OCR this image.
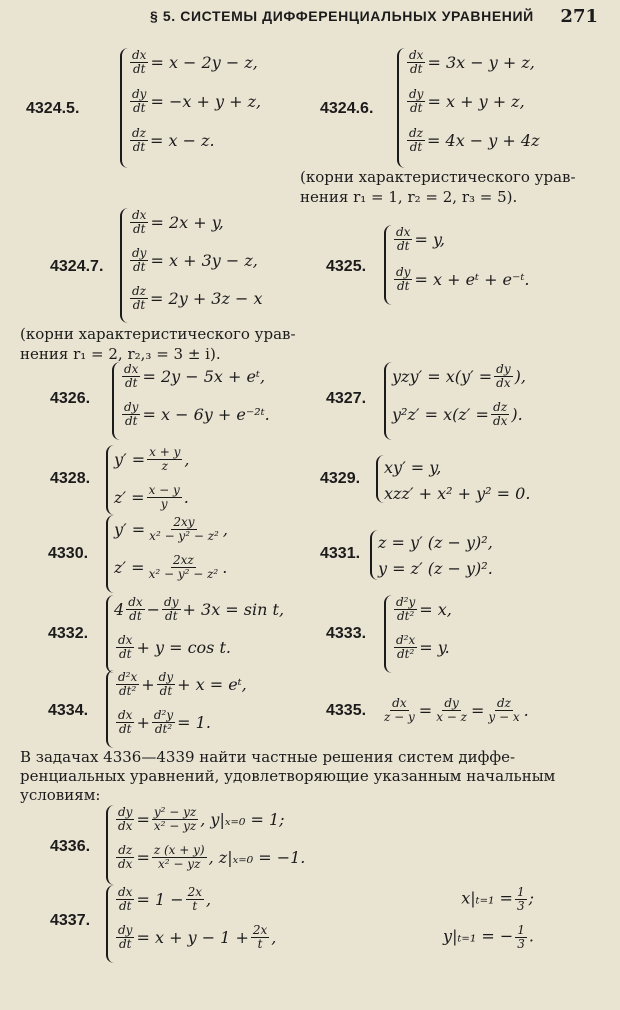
§ 5. СИСТЕМЫ ДИФФЕРЕНЦИАЛЬНЫХ УРАВНЕНИЙ 271
4324.5.
$\frac{dx}{dt} = x - 2y - z$,
$\frac{dy}{dt} = -x + y + z$,
$\frac{dz}{dt} = x - z$.
4324.6.
$\frac{dx}{dt} = 3x - y + z$,
$\frac{dy}{dt} = x + y + z$,
$\frac{dz}{dt} = 4x - y + 4z$
(корни характеристического урав-
нения r₁ = 1, r₂ = 2, r₃ = 5).
4324.7.
$\frac{dx}{dt} = 2x + y$,
$\frac{dy}{dt} = x + 3y - z$,
$\frac{dz}{dt} = 2y + 3z - x$
(корни характеристического урав-
нения r₁ = 2, r₂,₃ = 3 ± i).
4325.
$\frac{dx}{dt} = y$,
$\frac{dy}{dt} = x$ + eᵗ + e⁻ᵗ.
4326.
$\frac{dx}{dt} = 2y - 5x$ + eᵗ,
$\frac{dy}{dt} = x - 6y$ + e⁻²ᵗ.
4327.
yzy′ = x ( $y' = \frac{dy}{dx}$ ),
y²z′ = x ( $z' = \frac{dz}{dx}$ ).
4328.
$y' = \frac{x + y}{z}$ ,
$z' = \frac{x - y}{y}$ .
4329.
xy′ = y,
xzz′ + x² + y² = 0.
4330.
$y' = \frac{2xy}{\text{x² − y² − z²}}$ ,
$z' = \frac{2xz}{\text{x² − y² − z²}}$ .
4331.
z = y′ (z − y)²,
y = z′ (z − y)².
4332.
$4 \frac{dx}{dt} - \frac{dy}{dt} + 3x = \sin t$,
$\frac{dx}{dt} + y = \cos t$.
4333.
$\frac{\text{d²y}}{\text{dt²}} = x$,
$\frac{\text{d²x}}{\text{dt²}} = y$.
4334.
$\frac{\text{d²x}}{\text{dt²}} + \frac{dy}{dt} + x$ = eᵗ,
$\frac{dx}{dt} + \frac{\text{d²y}}{\text{dt²}} = 1$.
4335. $\frac{dx}{z - y} = \frac{dy}{x - z} = \frac{dz}{y - x}$ .
В задачах 4336—4339 найти частные решения систем диффе-
ренциальных уравнений, удовлетворяющие указанным начальным
условиям:
4336.
$\frac{dy}{dx} = \frac{\text{y² − yz}}{\text{x² − yz}}$ , y|ₓ₌₀ = 1;
$\frac{dz}{dx} = \frac{z (x + y)}{\text{x² − yz}}$ , z|ₓ₌₀ = −1.
4337.
$\frac{dx}{dt} = 1 - \frac{2x}{t}$ ,	$x|_{t=1} = \frac{1}{3}$ ;
$\frac{dy}{dt} = x + y - 1 + \frac{2x}{t}$ ,	y|ₜ₌₁ = − $\frac{1}{3}$ .
